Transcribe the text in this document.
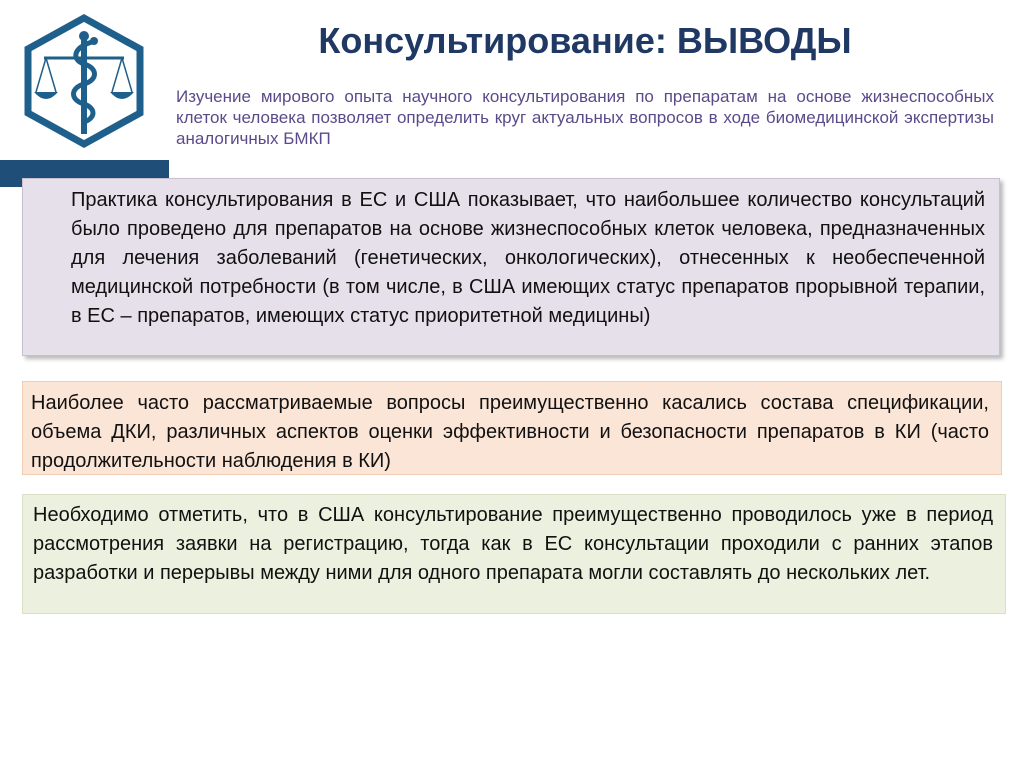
Консультирование: ВЫВОДЫ

Изучение мирового опыта научного консультирования по препаратам на основе жизнеспособных клеток человека позволяет определить круг актуальных вопросов в ходе биомедицинской экспертизы аналогичных БМКП

Практика консультирования в ЕС и США показывает, что наибольшее количество консультаций было проведено для препаратов на основе жизнеспособных клеток человека, предназначенных для лечения заболеваний (генетических, онкологических), отнесенных к необеспеченной медицинской потребности (в том числе, в США имеющих статус препаратов прорывной терапии, в ЕС – препаратов, имеющих статус приоритетной медицины)

Наиболее часто рассматриваемые вопросы преимущественно касались состава спецификации, объема ДКИ, различных аспектов оценки эффективности и безопасности препаратов в КИ (часто продолжительности наблюдения в КИ)

Необходимо отметить, что в США консультирование преимущественно проводилось уже в период рассмотрения заявки на регистрацию, тогда как в ЕС консультации проходили с ранних этапов разработки и перерывы между ними для одного препарата могли составлять до нескольких лет.
